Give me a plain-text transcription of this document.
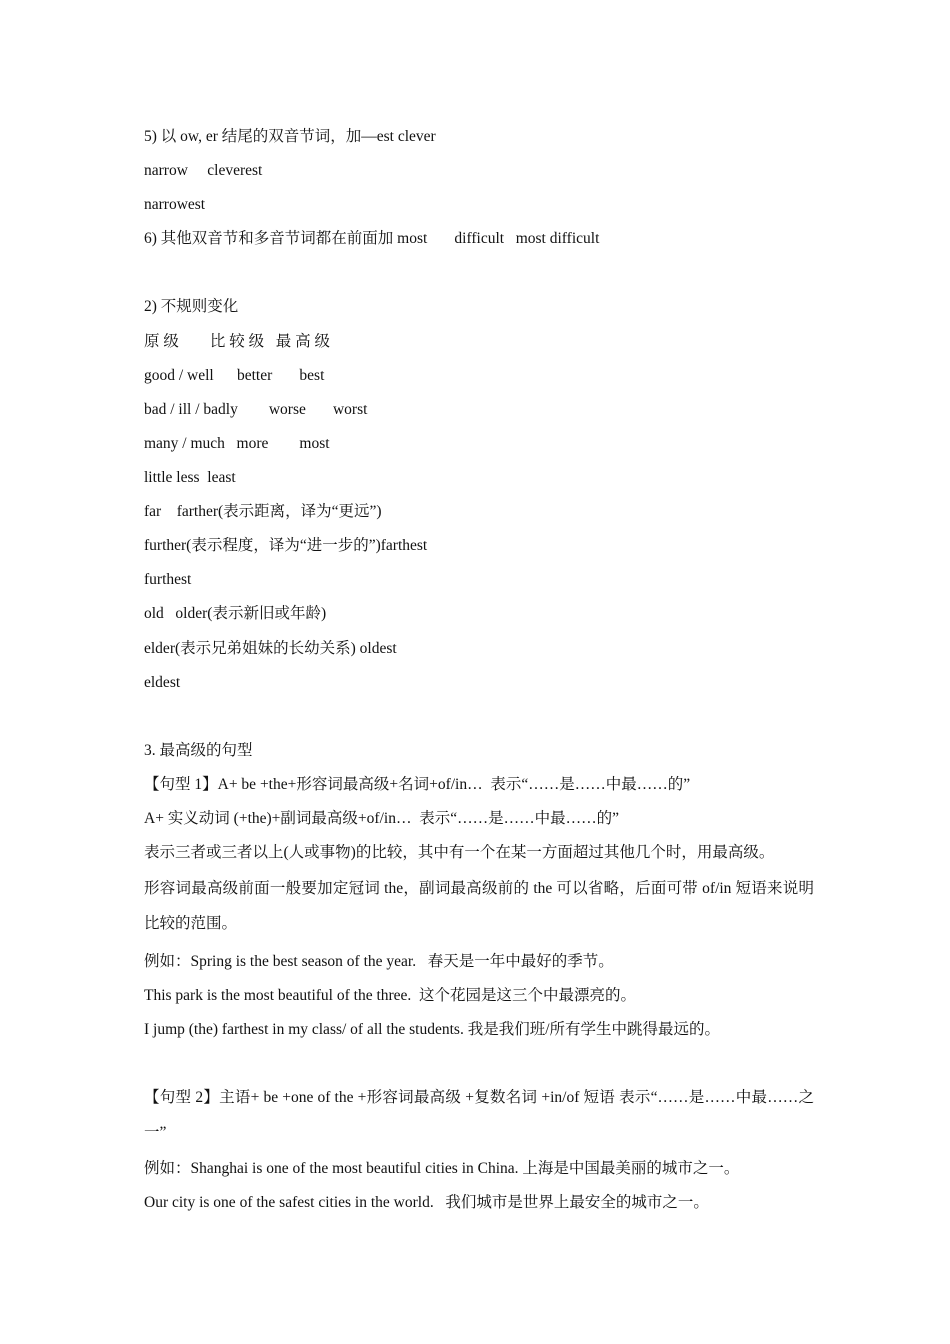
5) 以 ow, er 结尾的双音节词，加—est clever
narrow     cleverest
narrowest
6) 其他双音节和多音节词都在前面加 most       difficult   most difficult
2) 不规则变化
原 级        比 较 级   最 高 级
good / well      better       best
bad / ill / badly        worse       worst
many / much   more        most
little less  least
far    farther(表示距离，译为“更远”)
further(表示程度，译为“进一步的”)farthest
furthest
old   older(表示新旧或年龄)
elder(表示兄弟姐妹的长幼关系) oldest
eldest
3. 最高级的句型
【句型 1】A+ be +the+形容词最高级+名词+of/in…  表示“……是……中最……的”
A+ 实义动词 (+the)+副词最高级+of/in…  表示“……是……中最……的”
表示三者或三者以上(人或事物)的比较，其中有一个在某一方面超过其他几个时，用最高级。
形容词最高级前面一般要加定冠词 the，副词最高级前的 the 可以省略，后面可带 of/in 短语来说明比较的范围。
例如：Spring is the best season of the year.   春天是一年中最好的季节。
This park is the most beautiful of the three.  这个花园是这三个中最漂亮的。
I jump (the) farthest in my class/ of all the students. 我是我们班/所有学生中跳得最远的。
【句型 2】主语+ be +one of the +形容词最高级 +复数名词 +in/of 短语 表示“……是……中最……之一”
例如：Shanghai is one of the most beautiful cities in China. 上海是中国最美丽的城市之一。
Our city is one of the safest cities in the world.   我们城市是世界上最安全的城市之一。
